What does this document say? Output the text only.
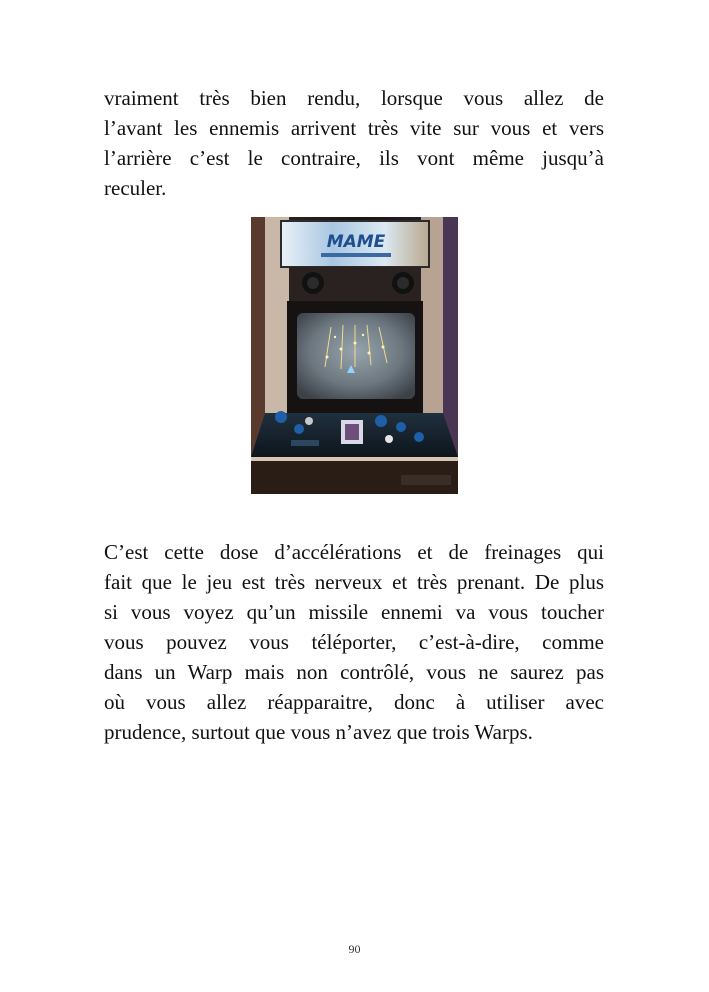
vraiment très bien rendu, lorsque vous allez de
l’avant les ennemis arrivent très vite sur vous et vers
l’arrière c’est le contraire, ils vont même jusqu’à
reculer.
MAME
C’est cette dose d’accélérations et de freinages qui
fait que le jeu est très nerveux et très prenant. De plus
si vous voyez qu’un missile ennemi va vous toucher
vous pouvez vous téléporter, c’est-à-dire, comme
dans un Warp mais non contrôlé, vous ne saurez pas
où vous allez réapparaitre, donc à utiliser avec
prudence, surtout que vous n’avez que trois Warps.
90
